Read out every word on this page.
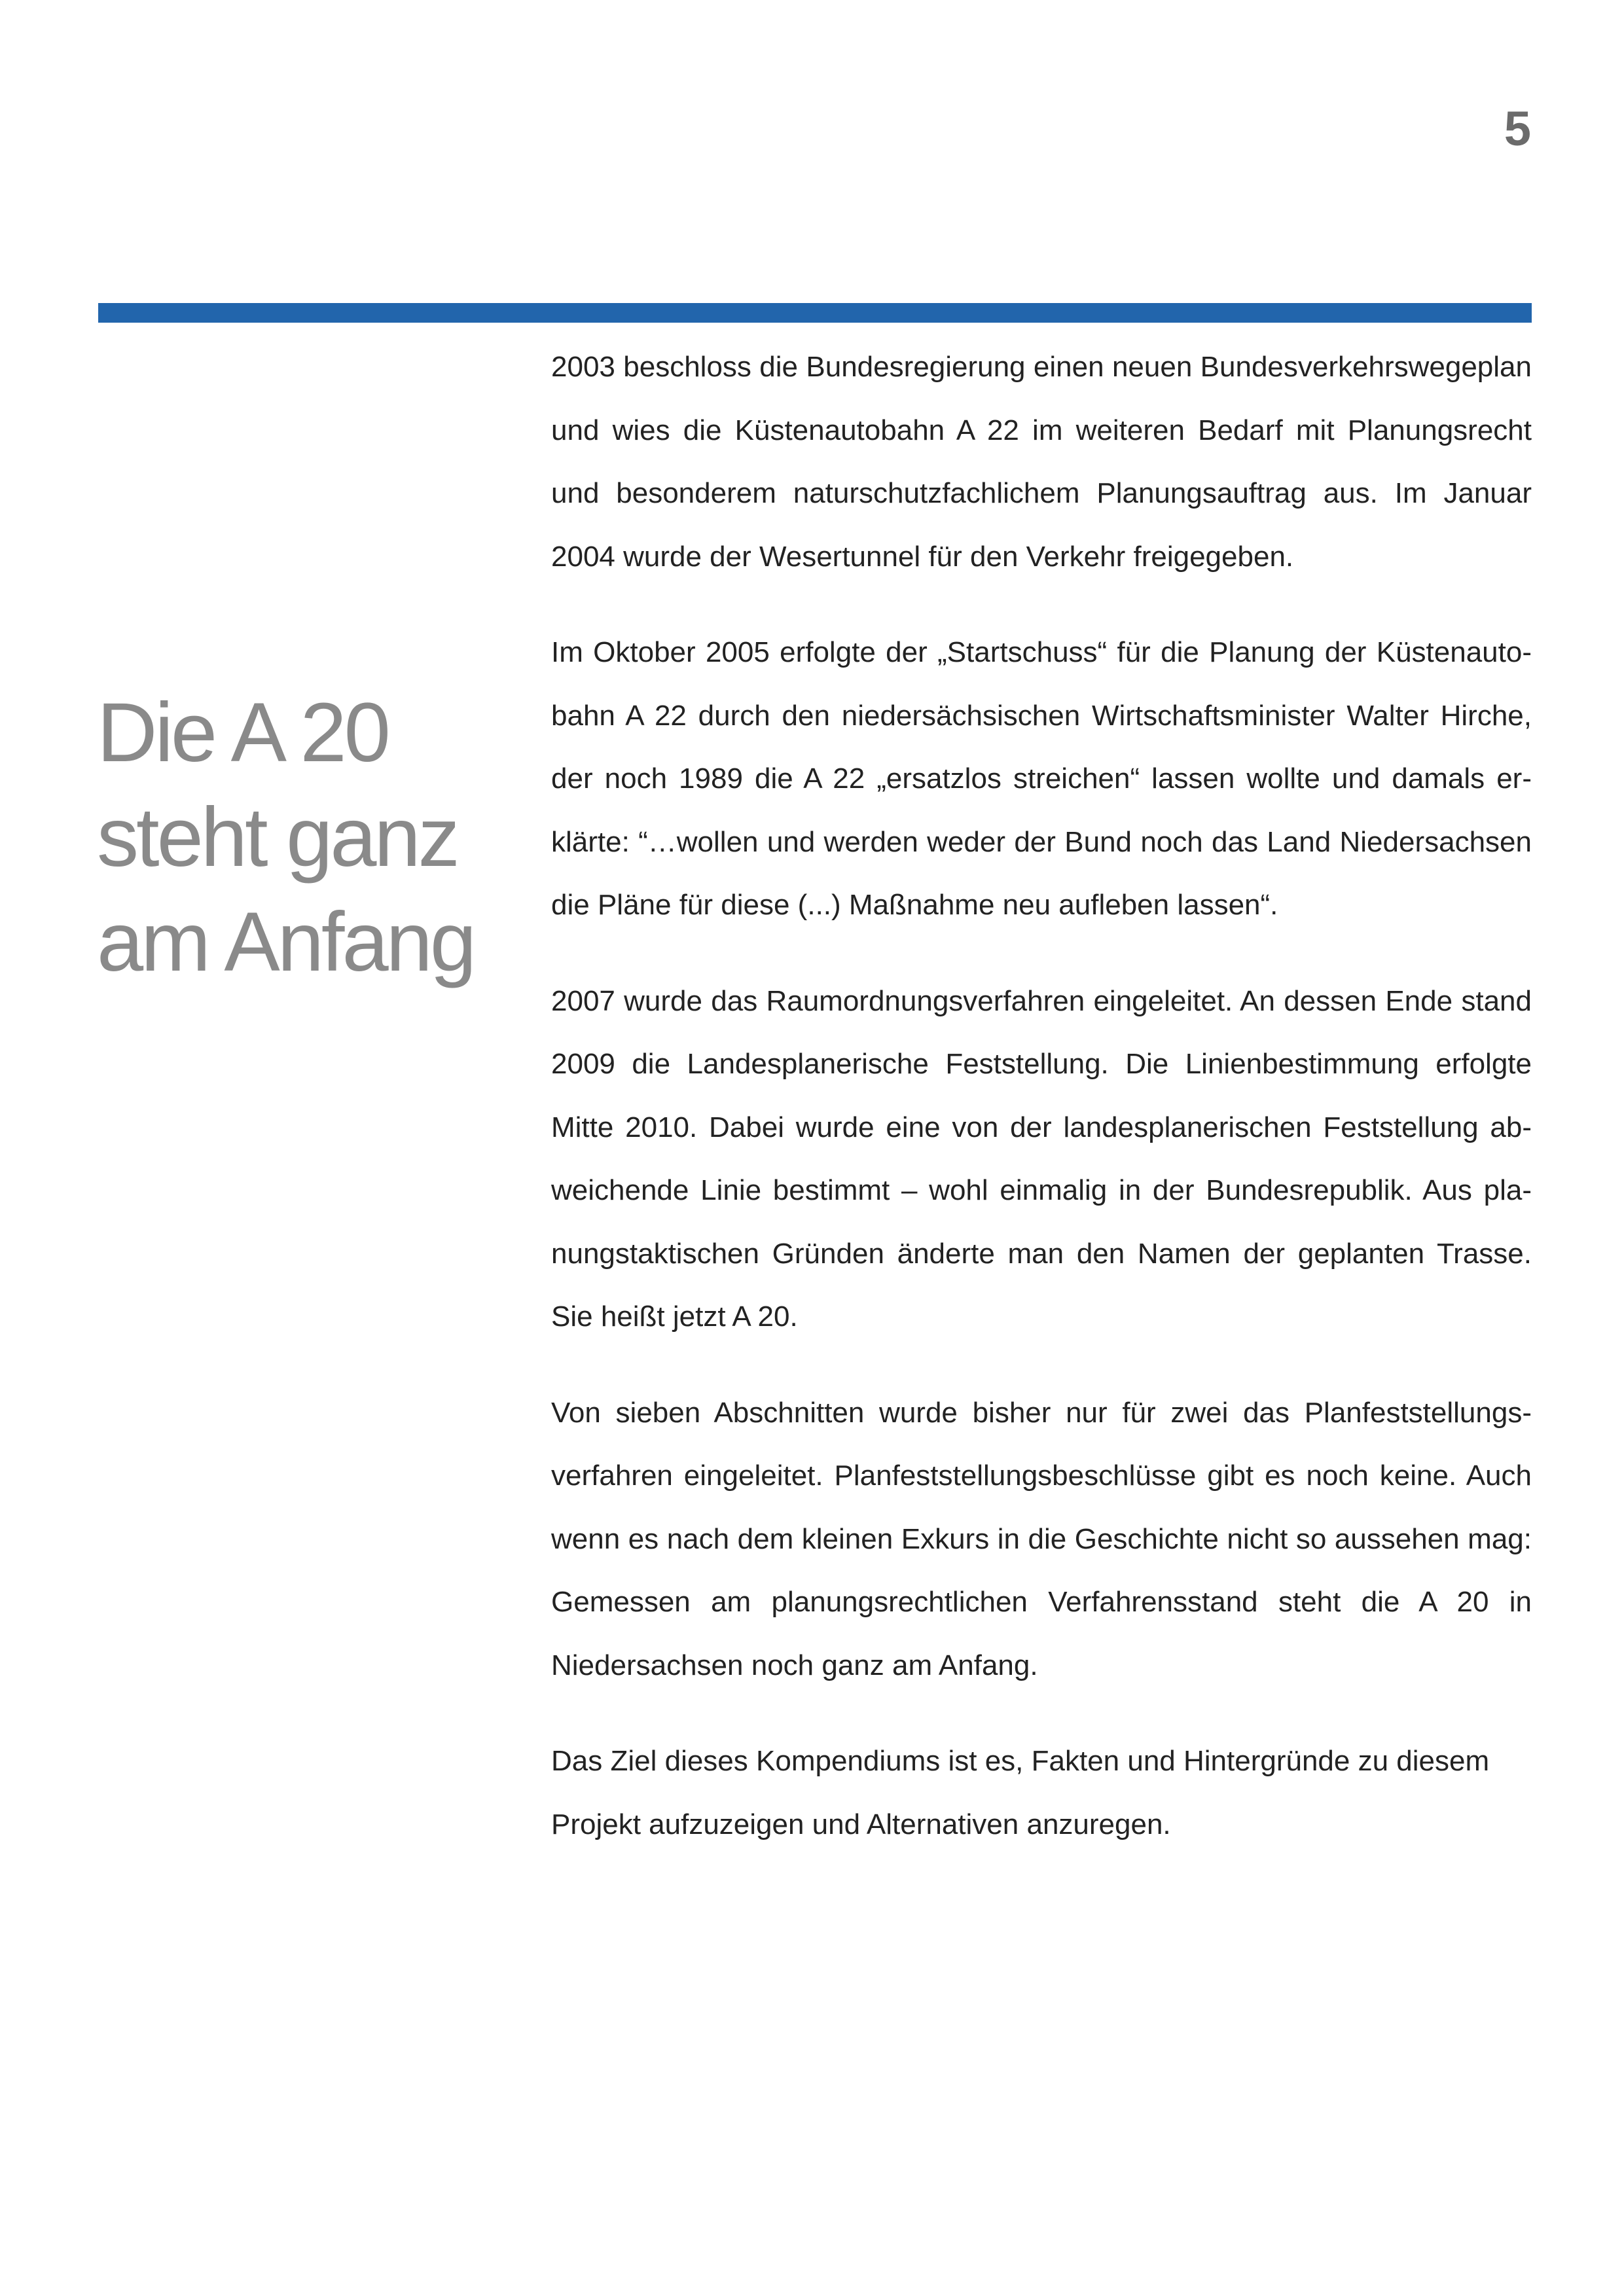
5
Die A 20
steht ganz
am Anfang

2003 beschloss die Bundesregierung einen neuen Bundesverkehrswegeplan und wies die Küstenautobahn A 22 im weiteren Bedarf mit Planungsrecht und besonderem naturschutzfachlichem Planungsauftrag aus. Im Januar 2004 wurde der Wesertunnel für den Verkehr freigegeben.

Im Oktober 2005 erfolgte der „Startschuss“ für die Planung der Küstenautobahn A 22 durch den niedersächsischen Wirtschaftsminister Walter Hirche, der noch 1989 die A 22 „ersatzlos streichen“ lassen wollte und damals erklärte: “…wollen und werden weder der Bund noch das Land Niedersachsen die Pläne für diese (...) Maßnahme neu aufleben lassen“.

2007 wurde das Raumordnungsverfahren eingeleitet. An dessen Ende stand 2009 die Landesplanerische Feststellung. Die Linienbestimmung erfolgte Mitte 2010. Dabei wurde eine von der landesplanerischen Feststellung abweichende Linie bestimmt – wohl einmalig in der Bundesrepublik. Aus planungstaktischen Gründen änderte man den Namen der geplanten Trasse. Sie heißt jetzt A 20.

Von sieben Abschnitten wurde bisher nur für zwei das Planfeststellungsverfahren eingeleitet. Planfeststellungsbeschlüsse gibt es noch keine. Auch wenn es nach dem kleinen Exkurs in die Geschichte nicht so aussehen mag: Gemessen am planungsrechtlichen Verfahrensstand steht die A 20 in Niedersachsen noch ganz am Anfang.

Das Ziel dieses Kompendiums ist es, Fakten und Hintergründe zu diesem Projekt aufzuzeigen und Alternativen anzuregen.
